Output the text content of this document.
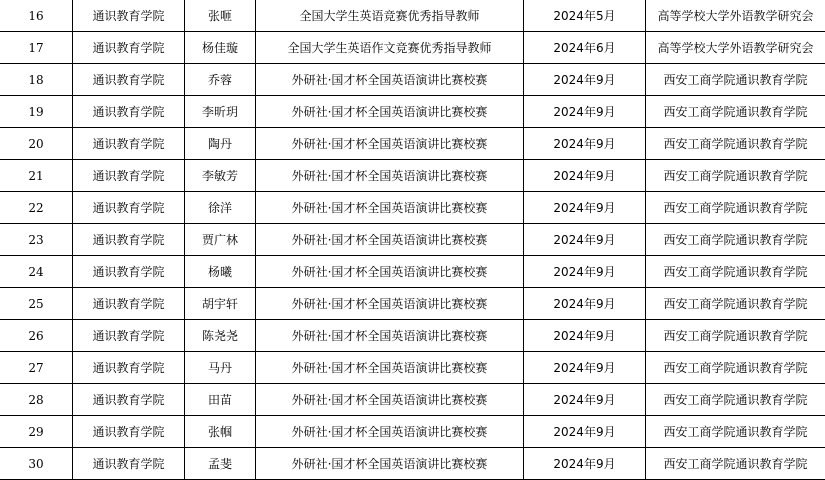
16	通识教育学院	张咂	全国大学生英语竞赛优秀指导教师	2024年5月	高等学校大学外语教学研究会
17	通识教育学院	杨佳璇	全国大学生英语作文竞赛优秀指导教师	2024年6月	高等学校大学外语教学研究会
18	通识教育学院	乔蓉	外研社·国才杯全国英语演讲比赛校赛	2024年9月	西安工商学院通识教育学院
19	通识教育学院	李昕玥	外研社·国才杯全国英语演讲比赛校赛	2024年9月	西安工商学院通识教育学院
20	通识教育学院	陶丹	外研社·国才杯全国英语演讲比赛校赛	2024年9月	西安工商学院通识教育学院
21	通识教育学院	李敏芳	外研社·国才杯全国英语演讲比赛校赛	2024年9月	西安工商学院通识教育学院
22	通识教育学院	徐洋	外研社·国才杯全国英语演讲比赛校赛	2024年9月	西安工商学院通识教育学院
23	通识教育学院	贾广林	外研社·国才杯全国英语演讲比赛校赛	2024年9月	西安工商学院通识教育学院
24	通识教育学院	杨曦	外研社·国才杯全国英语演讲比赛校赛	2024年9月	西安工商学院通识教育学院
25	通识教育学院	胡宇轩	外研社·国才杯全国英语演讲比赛校赛	2024年9月	西安工商学院通识教育学院
26	通识教育学院	陈尧尧	外研社·国才杯全国英语演讲比赛校赛	2024年9月	西安工商学院通识教育学院
27	通识教育学院	马丹	外研社·国才杯全国英语演讲比赛校赛	2024年9月	西安工商学院通识教育学院
28	通识教育学院	田苗	外研社·国才杯全国英语演讲比赛校赛	2024年9月	西安工商学院通识教育学院
29	通识教育学院	张帼	外研社·国才杯全国英语演讲比赛校赛	2024年9月	西安工商学院通识教育学院
30	通识教育学院	孟斐	外研社·国才杯全国英语演讲比赛校赛	2024年9月	西安工商学院通识教育学院
